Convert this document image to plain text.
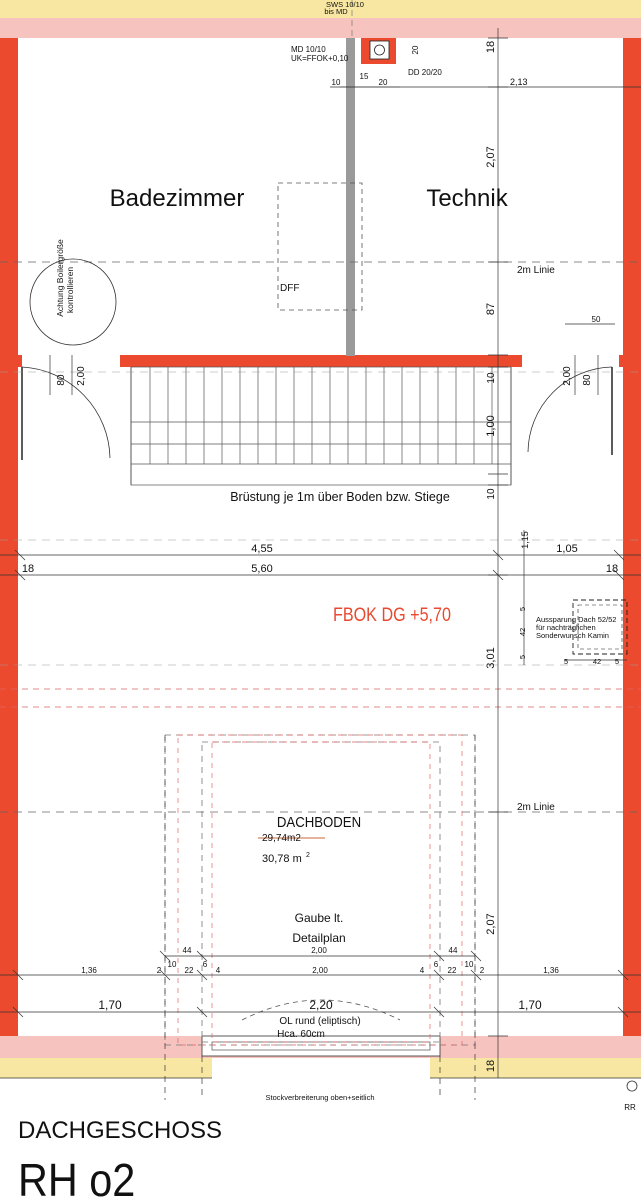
SWS 10/10
bis MD
MD 10/10
UK=FFOK+0,10
DD 20/20
10
15
20
20	18
2,13
2,07
Badezimmer	Technik
DFF
Achtung Boilergröße kontrollieren	2m Linie
87
50
80 2,00	80
2,00
10
1,00
10
Brüstung je 1m über Boden bzw. Stiege
1,15
4,55	1,05
18	5,60	18
FBOK DG +5,70	Aussparung Dach 52/52
für nachträglichen
Sonderwunsch Kamin
5
42
5	5	42 5
3,01
2m Linie
DACHBODEN
29,74m2
30,78 m 2
Gaube lt.
Detailplan
2,07
44	2,00	44
1,36	2
10
22
6
4	2,00	4
6
22
10
2	1,36
1,70	2,20	1,70
OL rund (eliptisch)
Hca. 60cm
18
Stockverbreiterung oben+seitlich
RR
DACHGESCHOSS
RH o2
